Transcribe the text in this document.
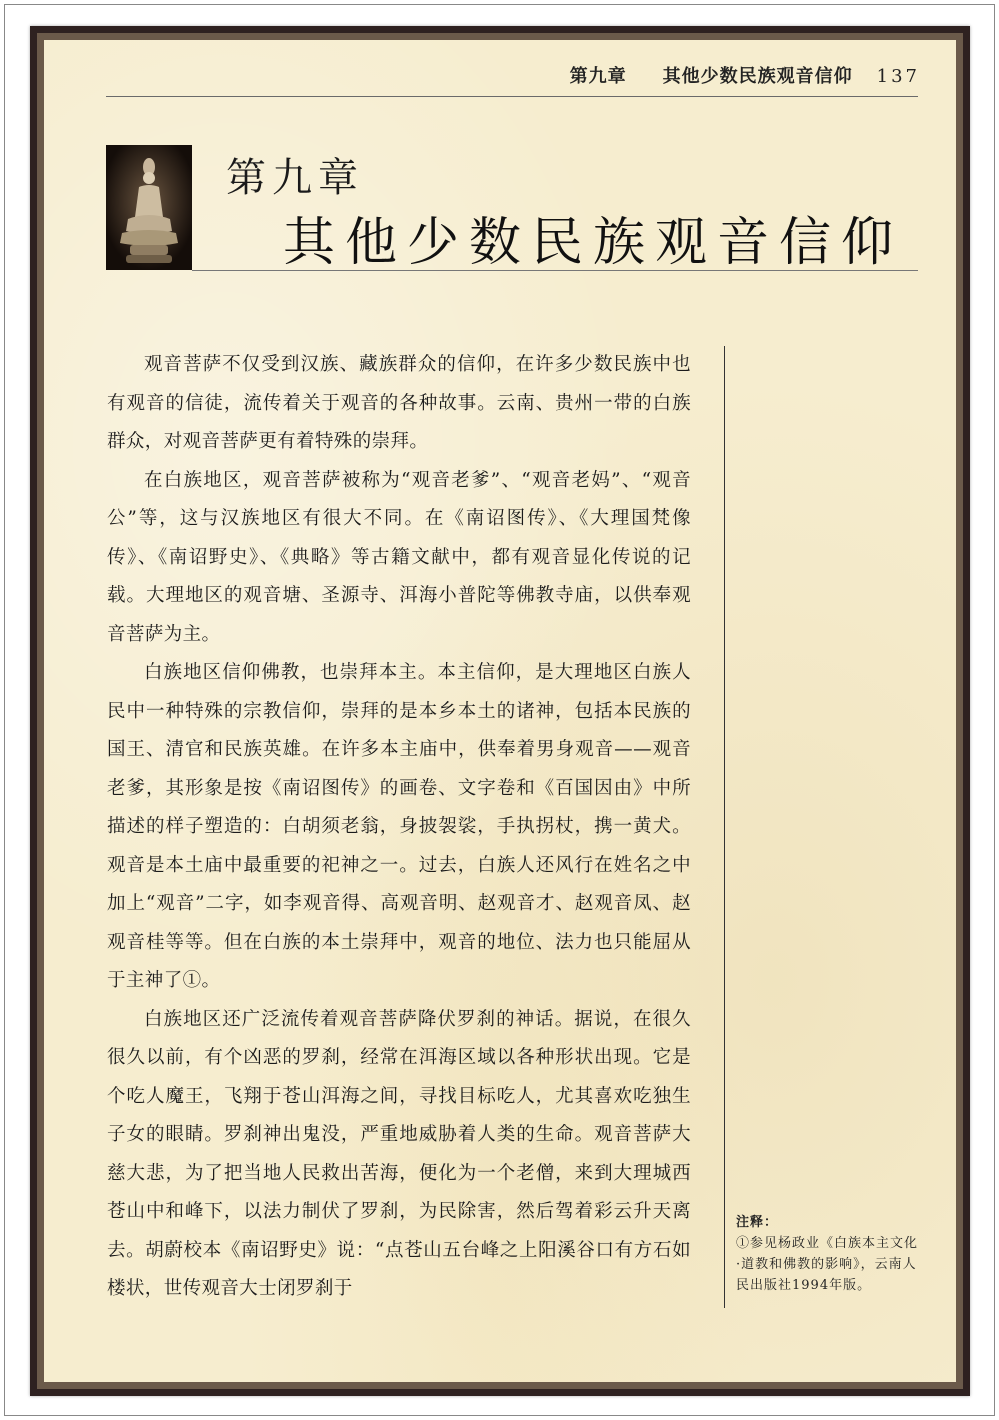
第九章 其他少数民族观音信仰 137
第九章
其他少数民族观音信仰

观音菩萨不仅受到汉族、藏族群众的信仰，在许多少数民族中也有观音的信徒，流传着关于观音的各种故事。云南、贵州一带的白族群众，对观音菩萨更有着特殊的崇拜。

在白族地区，观音菩萨被称为“观音老爹”、“观音老妈”、“观音公”等，这与汉族地区有很大不同。在《南诏图传》、《大理国梵像传》、《南诏野史》、《典略》等古籍文献中，都有观音显化传说的记载。大理地区的观音塘、圣源寺、洱海小普陀等佛教寺庙，以供奉观音菩萨为主。

白族地区信仰佛教，也崇拜本主。本主信仰，是大理地区白族人民中一种特殊的宗教信仰，崇拜的是本乡本土的诸神，包括本民族的国王、清官和民族英雄。在许多本主庙中，供奉着男身观音——观音老爹，其形象是按《南诏图传》的画卷、文字卷和《百国因由》中所描述的样子塑造的：白胡须老翁，身披袈裟，手执拐杖，携一黄犬。观音是本土庙中最重要的祀神之一。过去，白族人还风行在姓名之中加上“观音”二字，如李观音得、高观音明、赵观音才、赵观音凤、赵观音桂等等。但在白族的本土崇拜中，观音的地位、法力也只能屈从于主神了①。

白族地区还广泛流传着观音菩萨降伏罗刹的神话。据说，在很久很久以前，有个凶恶的罗刹，经常在洱海区域以各种形状出现。它是个吃人魔王，飞翔于苍山洱海之间，寻找目标吃人，尤其喜欢吃独生子女的眼睛。罗刹神出鬼没，严重地威胁着人类的生命。观音菩萨大慈大悲，为了把当地人民救出苦海，便化为一个老僧，来到大理城西苍山中和峰下，以法力制伏了罗刹，为民除害，然后驾着彩云升天离去。胡蔚校本《南诏野史》说：“点苍山五台峰之上阳溪谷口有方石如楼状，世传观音大士闭罗刹于

注释：
①参见杨政业《白族本主文化·道教和佛教的影响》，云南人民出版社1994年版。
